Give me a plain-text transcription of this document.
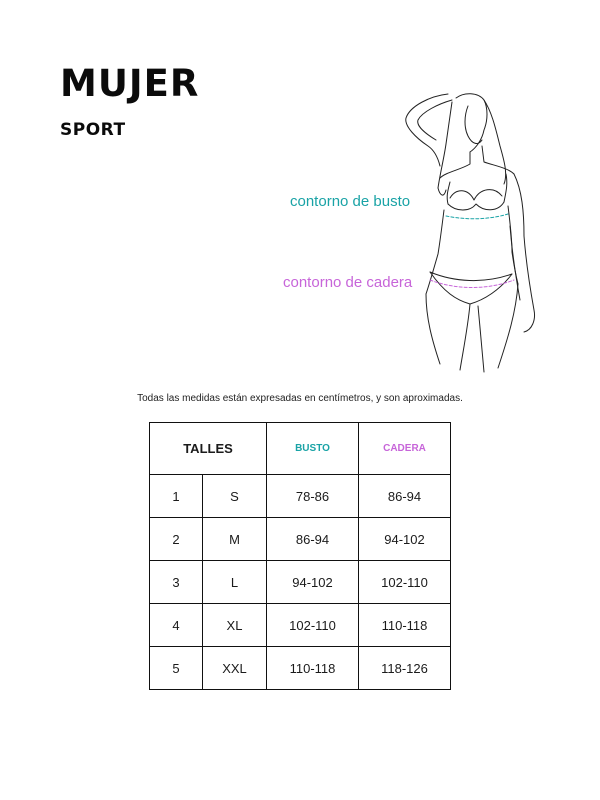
MUJER
SPORT
contorno de busto
contorno de cadera
Todas las medidas están expresadas en centímetros, y son aproximadas.
TALLES		BUSTO	CADERA
1	S	78-86	86-94
2	M	86-94	94-102
3	L	94-102	102-110
4	XL	102-110	110-118
5	XXL	110-118	118-126
